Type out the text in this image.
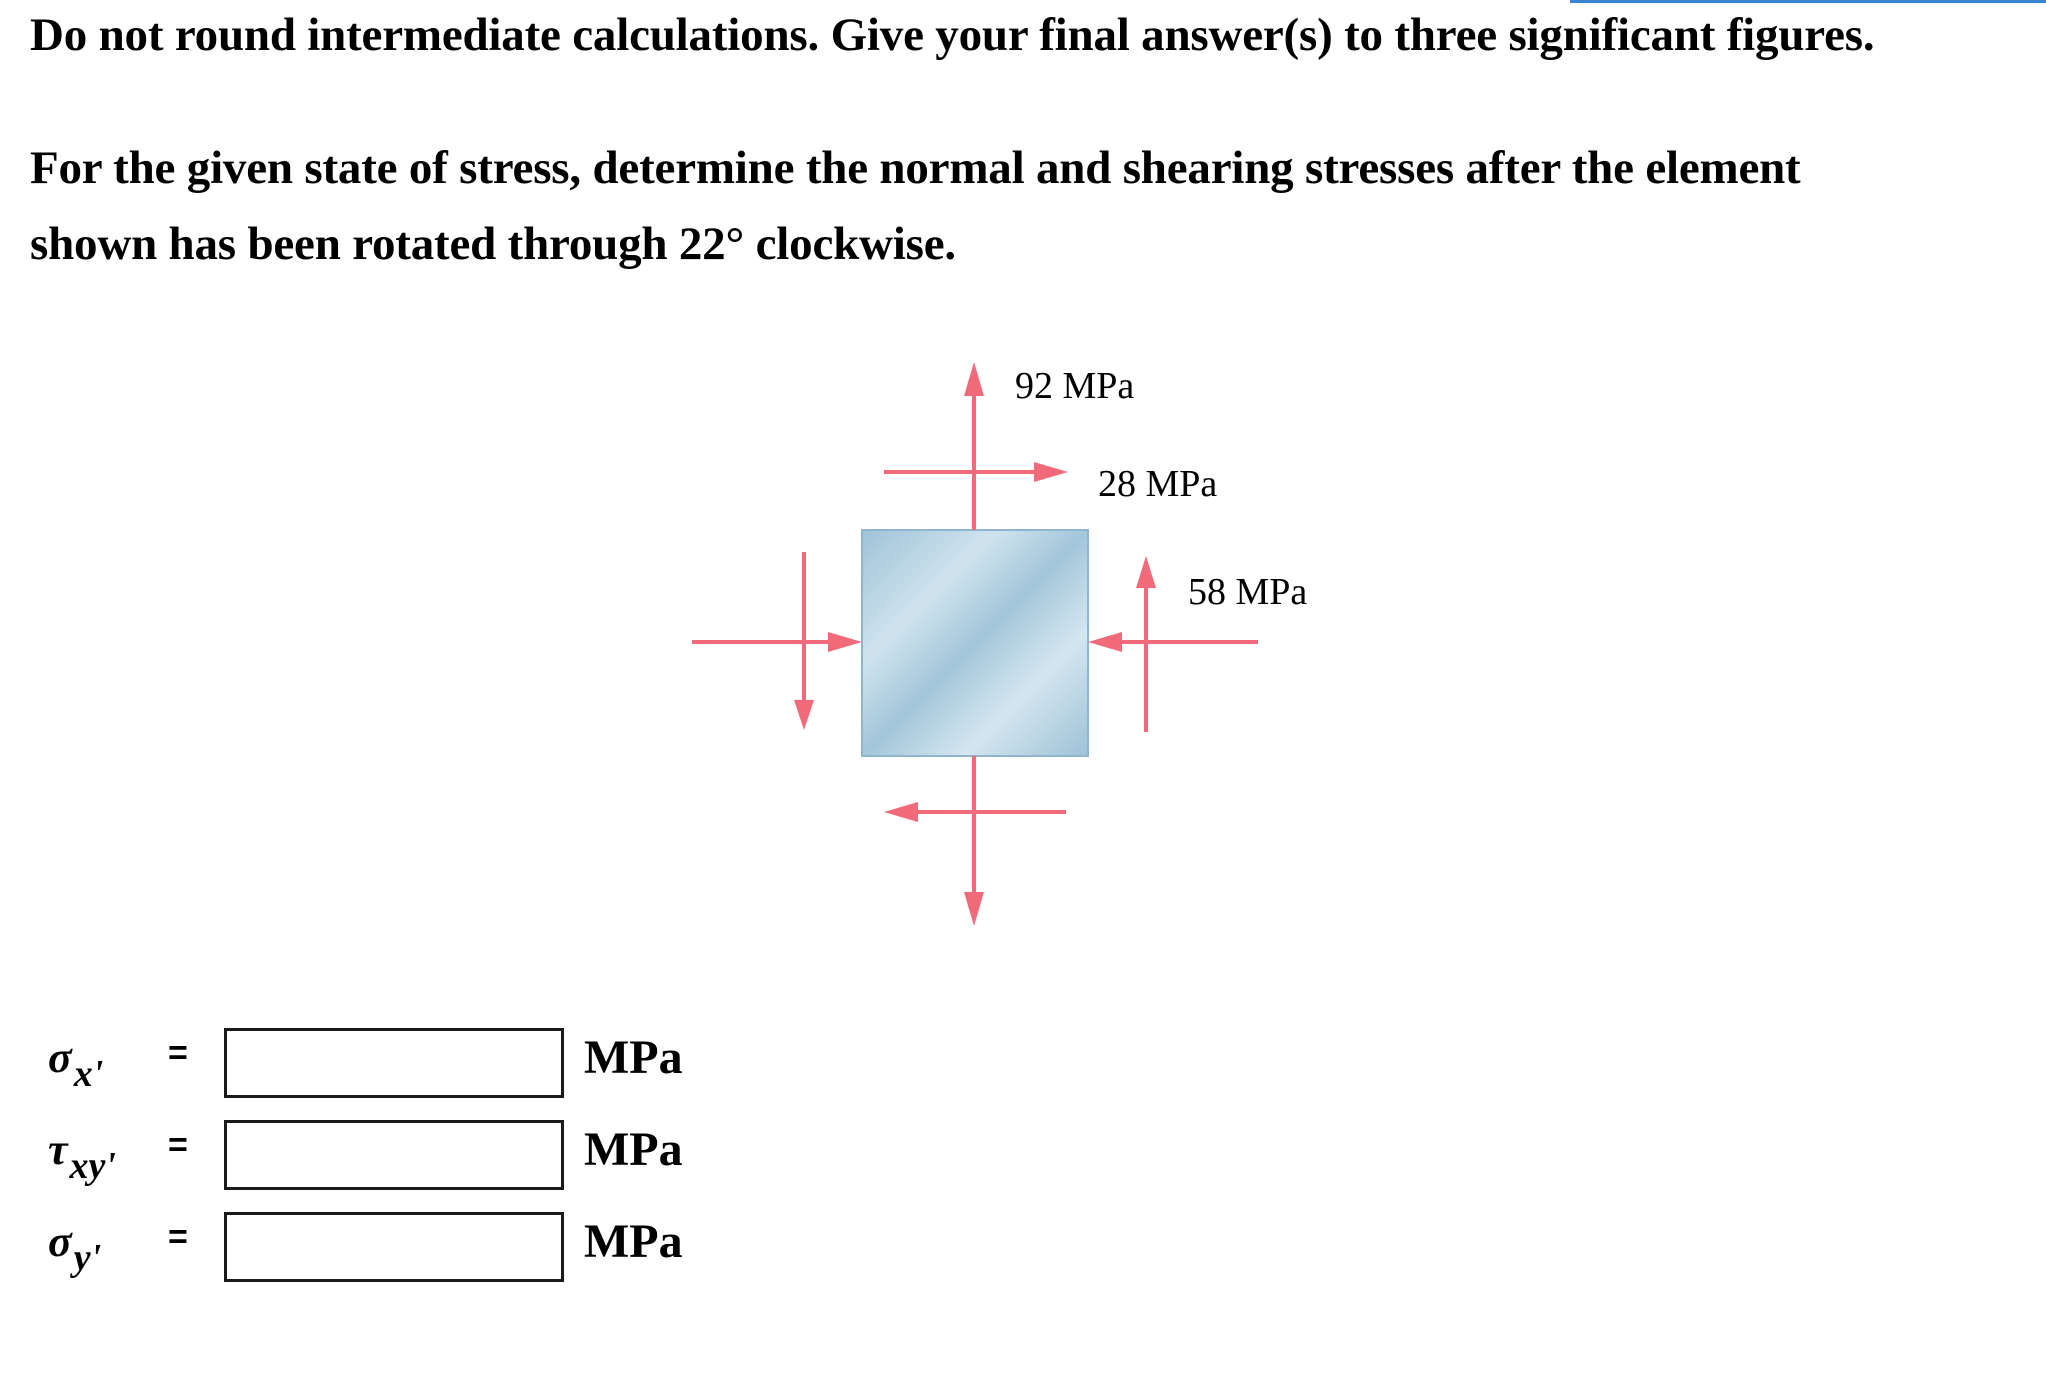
Do not round intermediate calculations. Give your final answer(s) to three significant figures.
For the given state of stress, determine the normal and shearing stresses after the element
shown has been rotated through 22° clockwise.
92 MPa
28 MPa
58 MPa
σx' =	MPa
τxy' =	MPa
σy' =	MPa
